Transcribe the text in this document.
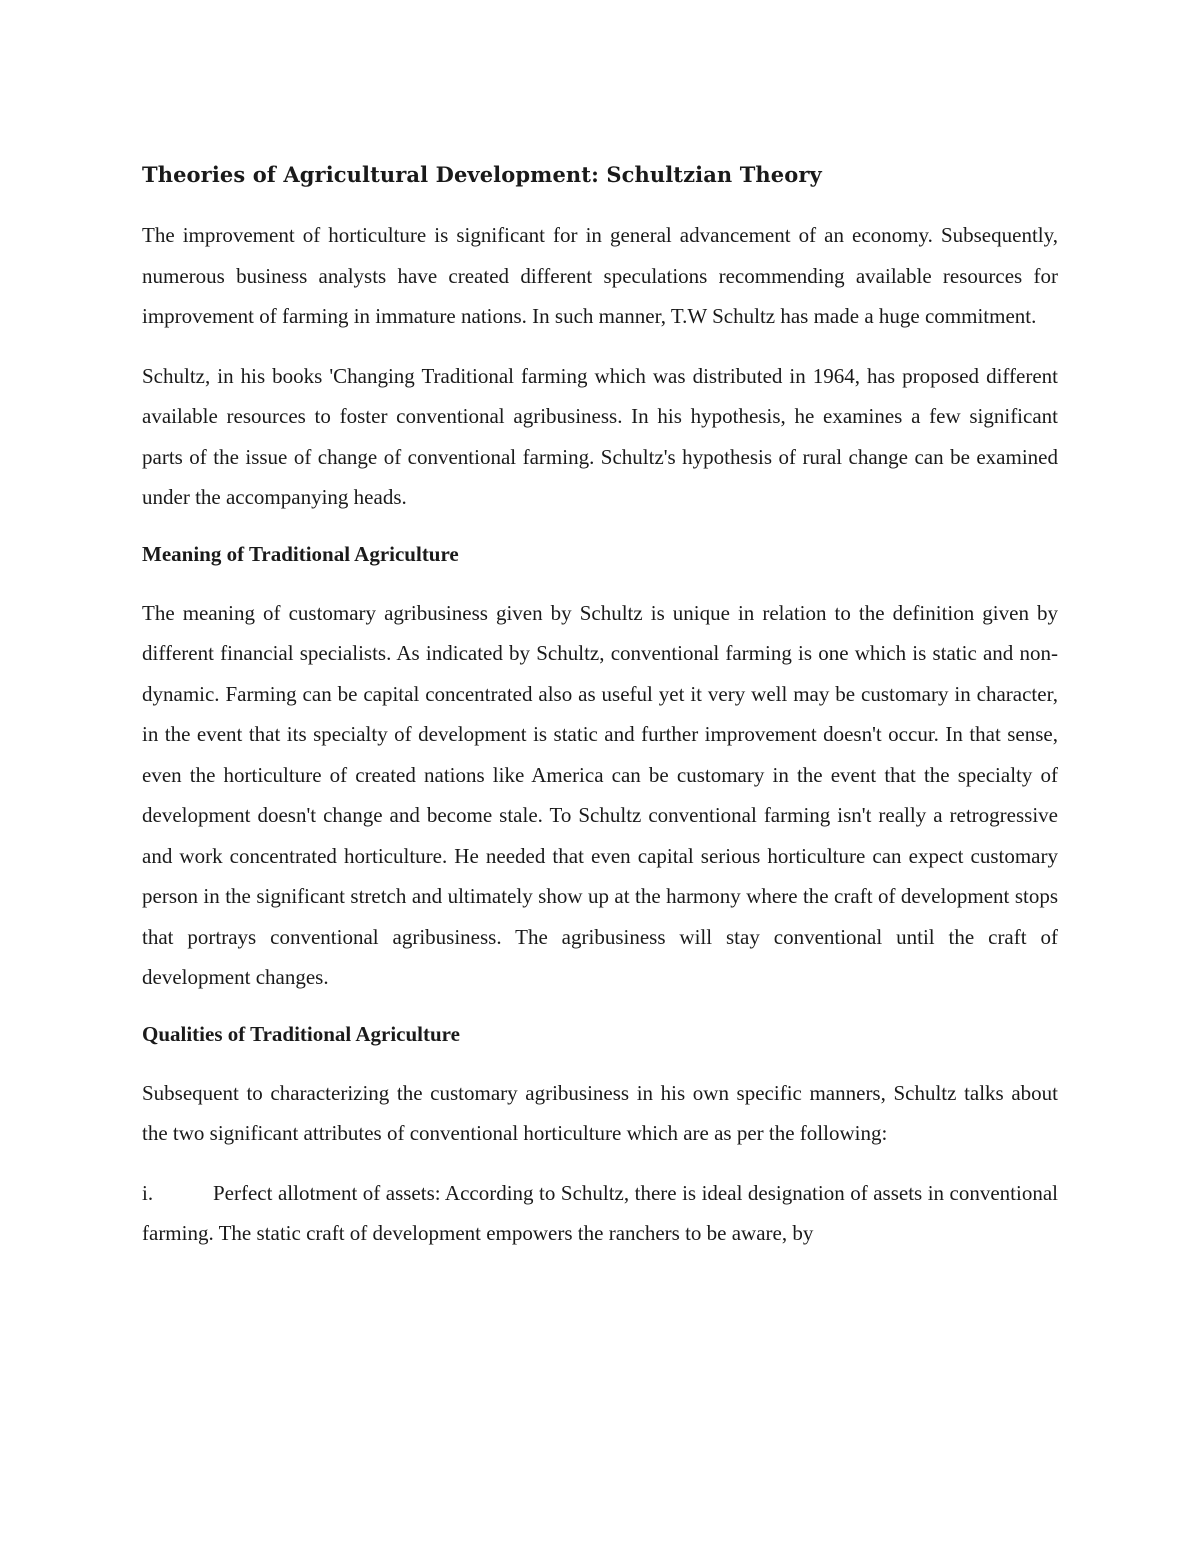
Theories of Agricultural Development: Schultzian Theory

The improvement of horticulture is significant for in general advancement of an economy. Subsequently, numerous business analysts have created different speculations recommending available resources for improvement of farming in immature nations. In such manner, T.W Schultz has made a huge commitment.

Schultz, in his books 'Changing Traditional farming which was distributed in 1964, has proposed different available resources to foster conventional agribusiness. In his hypothesis, he examines a few significant parts of the issue of change of conventional farming. Schultz's hypothesis of rural change can be examined under the accompanying heads.

Meaning of Traditional Agriculture

The meaning of customary agribusiness given by Schultz is unique in relation to the definition given by different financial specialists. As indicated by Schultz, conventional farming is one which is static and non-dynamic. Farming can be capital concentrated also as useful yet it very well may be customary in character, in the event that its specialty of development is static and further improvement doesn't occur. In that sense, even the horticulture of created nations like America can be customary in the event that the specialty of development doesn't change and become stale. To Schultz conventional farming isn't really a retrogressive and work concentrated horticulture. He needed that even capital serious horticulture can expect customary person in the significant stretch and ultimately show up at the harmony where the craft of development stops that portrays conventional agribusiness. The agribusiness will stay conventional until the craft of development changes.

Qualities of Traditional Agriculture

Subsequent to characterizing the customary agribusiness in his own specific manners, Schultz talks about the two significant attributes of conventional horticulture which are as per the following:

i.	Perfect allotment of assets: According to Schultz, there is ideal designation of assets in conventional farming. The static craft of development empowers the ranchers to be aware, by
